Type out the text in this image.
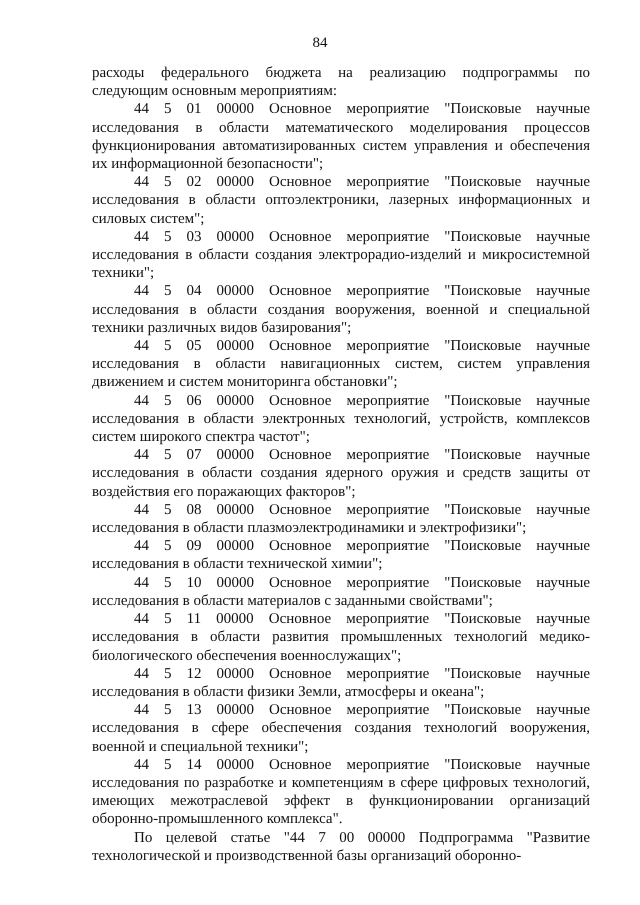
84

расходы федерального бюджета на реализацию подпрограммы по следующим основным мероприятиям:

44 5 01 00000 Основное мероприятие "Поисковые научные исследования в области математического моделирования процессов функционирования автоматизированных систем управления и обеспечения их информационной безопасности";

44 5 02 00000 Основное мероприятие "Поисковые научные исследования в области оптоэлектроники, лазерных информационных и силовых систем";

44 5 03 00000 Основное мероприятие "Поисковые научные исследования в области создания электрорадио-изделий и микросистемной техники";

44 5 04 00000 Основное мероприятие "Поисковые научные исследования в области создания вооружения, военной и специальной техники различных видов базирования";

44 5 05 00000 Основное мероприятие "Поисковые научные исследования в области навигационных систем, систем управления движением и систем мониторинга обстановки";

44 5 06 00000 Основное мероприятие "Поисковые научные исследования в области электронных технологий, устройств, комплексов систем широкого спектра частот";

44 5 07 00000 Основное мероприятие "Поисковые научные исследования в области создания ядерного оружия и средств защиты от воздействия его поражающих факторов";

44 5 08 00000 Основное мероприятие "Поисковые научные исследования в области плазмоэлектродинамики и электрофизики";

44 5 09 00000 Основное мероприятие "Поисковые научные исследования в области технической химии";

44 5 10 00000 Основное мероприятие "Поисковые научные исследования в области материалов с заданными свойствами";

44 5 11 00000 Основное мероприятие "Поисковые научные исследования в области развития промышленных технологий медико-биологического обеспечения военнослужащих";

44 5 12 00000 Основное мероприятие "Поисковые научные исследования в области физики Земли, атмосферы и океана";

44 5 13 00000 Основное мероприятие "Поисковые научные исследования в сфере обеспечения создания технологий вооружения, военной и специальной техники";

44 5 14 00000 Основное мероприятие "Поисковые научные исследования по разработке и компетенциям в сфере цифровых технологий, имеющих межотраслевой эффект в функционировании организаций оборонно-промышленного комплекса".

По целевой статье "44 7 00 00000 Подпрограмма "Развитие технологической и производственной базы организаций оборонно-
